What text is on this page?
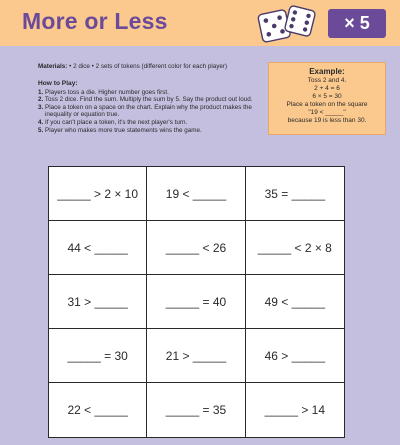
More or Less	× 5
Materials: • 2 dice • 2 sets of tokens (different color for each player)
How to Play:
1. Players toss a die. Higher number goes first.
2. Toss 2 dice. Find the sum. Multiply the sum by 5. Say the product out loud.
3. Place a token on a space on the chart. Explain why the product makes the inequality or equation true.
4. If you can't place a token, it's the next player's turn.
5. Player who makes more true statements wins the game.
Example:
Toss 2 and 4.
2 + 4 = 6
6 × 5 = 30
Place a token on the square
"19 < _____"
because 19 is less than 30.
_____ > 2 × 10	19 < _____	35 = _____
44 < _____	_____ < 26	_____ < 2 × 8
31 > _____	_____ = 40	49 < _____
_____ = 30	21 > _____	46 > _____
22 < _____	_____ = 35	_____ > 14
